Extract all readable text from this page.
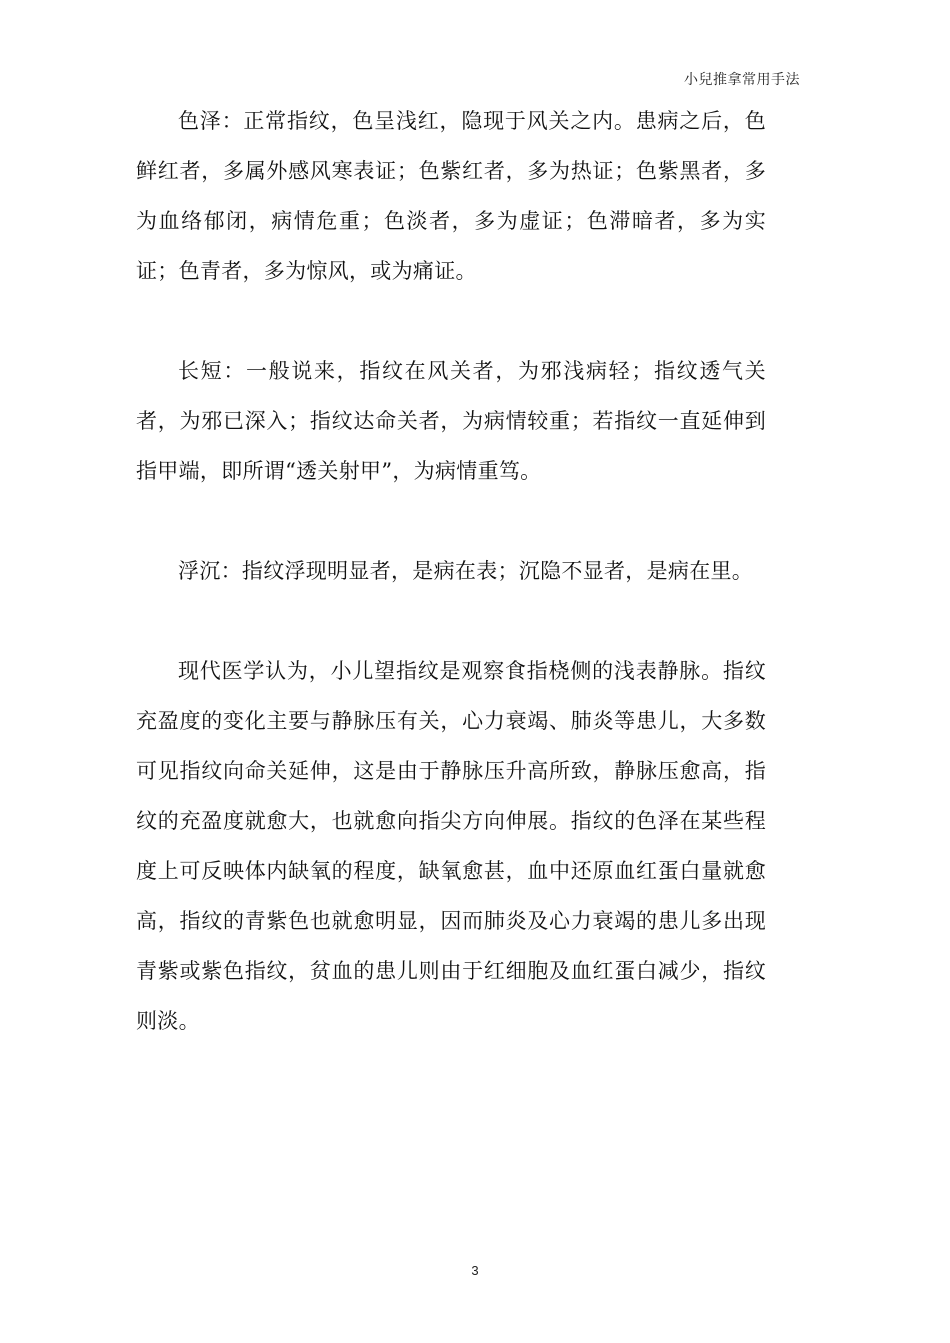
小兒推拿常用手法

色泽：正常指纹，色呈浅红，隐现于风关之内。患病之后，色鲜红者，多属外感风寒表证；色紫红者，多为热证；色紫黑者，多为血络郁闭，病情危重；色淡者，多为虚证；色滞暗者，多为实证；色青者，多为惊风，或为痛证。

长短：一般说来，指纹在风关者，为邪浅病轻；指纹透气关者，为邪已深入；指纹达命关者，为病情较重；若指纹一直延伸到指甲端，即所谓“透关射甲”，为病情重笃。

浮沉：指纹浮现明显者，是病在表；沉隐不显者，是病在里。

现代医学认为，小儿望指纹是观察食指桡侧的浅表静脉。指纹充盈度的变化主要与静脉压有关，心力衰竭、肺炎等患儿，大多数可见指纹向命关延伸，这是由于静脉压升高所致，静脉压愈高，指纹的充盈度就愈大，也就愈向指尖方向伸展。指纹的色泽在某些程度上可反映体内缺氧的程度，缺氧愈甚，血中还原血红蛋白量就愈高，指纹的青紫色也就愈明显，因而肺炎及心力衰竭的患儿多出现青紫或紫色指纹，贫血的患儿则由于红细胞及血红蛋白减少，指纹则淡。

3
